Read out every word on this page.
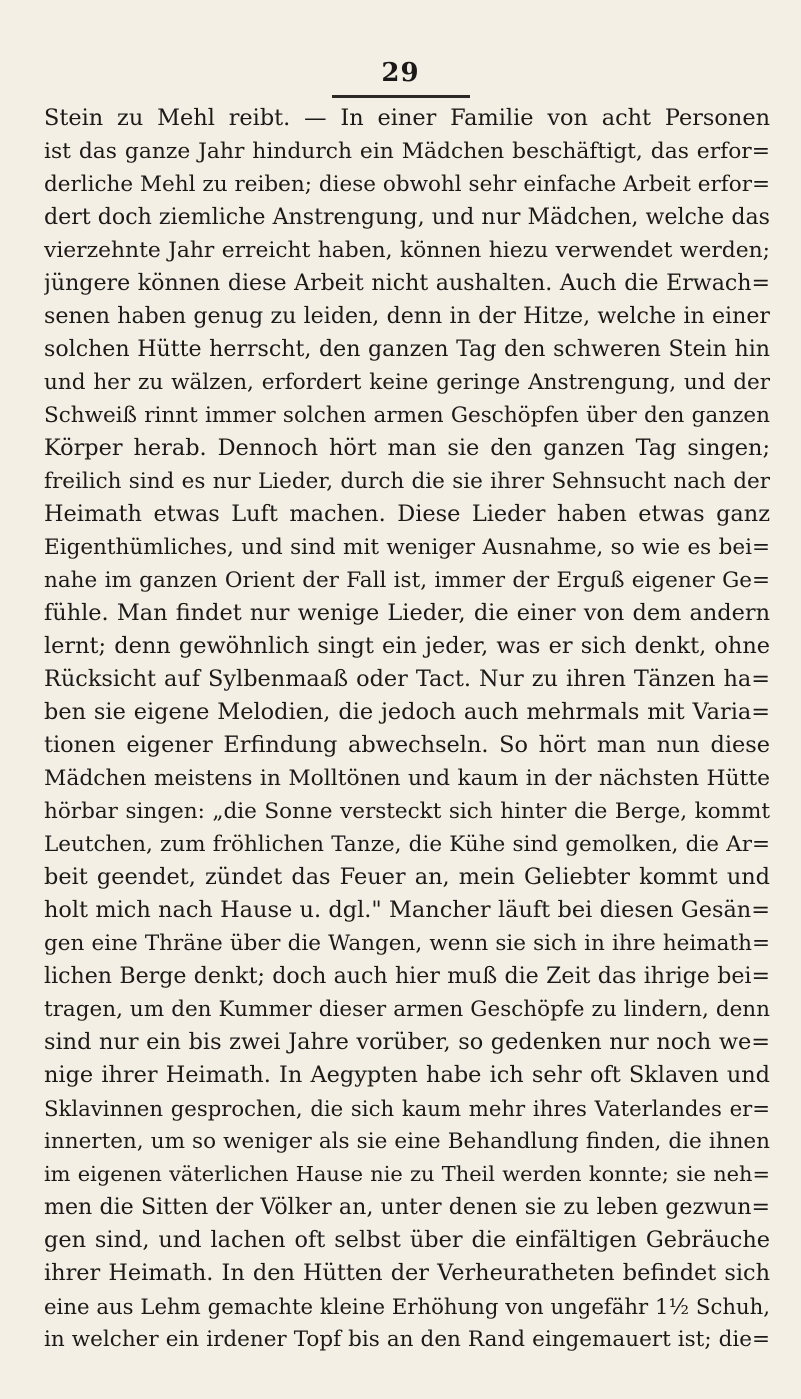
29
Stein zu Mehl reibt. — In einer Familie von acht Personen
ist das ganze Jahr hindurch ein Mädchen beschäftigt, das erfor=
derliche Mehl zu reiben; diese obwohl sehr einfache Arbeit erfor=
dert doch ziemliche Anstrengung, und nur Mädchen, welche das
vierzehnte Jahr erreicht haben, können hiezu verwendet werden;
jüngere können diese Arbeit nicht aushalten. Auch die Erwach=
senen haben genug zu leiden, denn in der Hitze, welche in einer
solchen Hütte herrscht, den ganzen Tag den schweren Stein hin
und her zu wälzen, erfordert keine geringe Anstrengung, und der
Schweiß rinnt immer solchen armen Geschöpfen über den ganzen
Körper herab. Dennoch hört man sie den ganzen Tag singen;
freilich sind es nur Lieder, durch die sie ihrer Sehnsucht nach der
Heimath etwas Luft machen. Diese Lieder haben etwas ganz
Eigenthümliches, und sind mit weniger Ausnahme, so wie es bei=
nahe im ganzen Orient der Fall ist, immer der Erguß eigener Ge=
fühle. Man findet nur wenige Lieder, die einer von dem andern
lernt; denn gewöhnlich singt ein jeder, was er sich denkt, ohne
Rücksicht auf Sylbenmaaß oder Tact. Nur zu ihren Tänzen ha=
ben sie eigene Melodien, die jedoch auch mehrmals mit Varia=
tionen eigener Erfindung abwechseln. So hört man nun diese
Mädchen meistens in Molltönen und kaum in der nächsten Hütte
hörbar singen: „die Sonne versteckt sich hinter die Berge, kommt
Leutchen, zum fröhlichen Tanze, die Kühe sind gemolken, die Ar=
beit geendet, zündet das Feuer an, mein Geliebter kommt und
holt mich nach Hause u. dgl." Mancher läuft bei diesen Gesän=
gen eine Thräne über die Wangen, wenn sie sich in ihre heimath=
lichen Berge denkt; doch auch hier muß die Zeit das ihrige bei=
tragen, um den Kummer dieser armen Geschöpfe zu lindern, denn
sind nur ein bis zwei Jahre vorüber, so gedenken nur noch we=
nige ihrer Heimath. In Aegypten habe ich sehr oft Sklaven und
Sklavinnen gesprochen, die sich kaum mehr ihres Vaterlandes er=
innerten, um so weniger als sie eine Behandlung finden, die ihnen
im eigenen väterlichen Hause nie zu Theil werden konnte; sie neh=
men die Sitten der Völker an, unter denen sie zu leben gezwun=
gen sind, und lachen oft selbst über die einfältigen Gebräuche
ihrer Heimath. In den Hütten der Verheuratheten befindet sich
eine aus Lehm gemachte kleine Erhöhung von ungefähr 1½ Schuh,
in welcher ein irdener Topf bis an den Rand eingemauert ist; die=
